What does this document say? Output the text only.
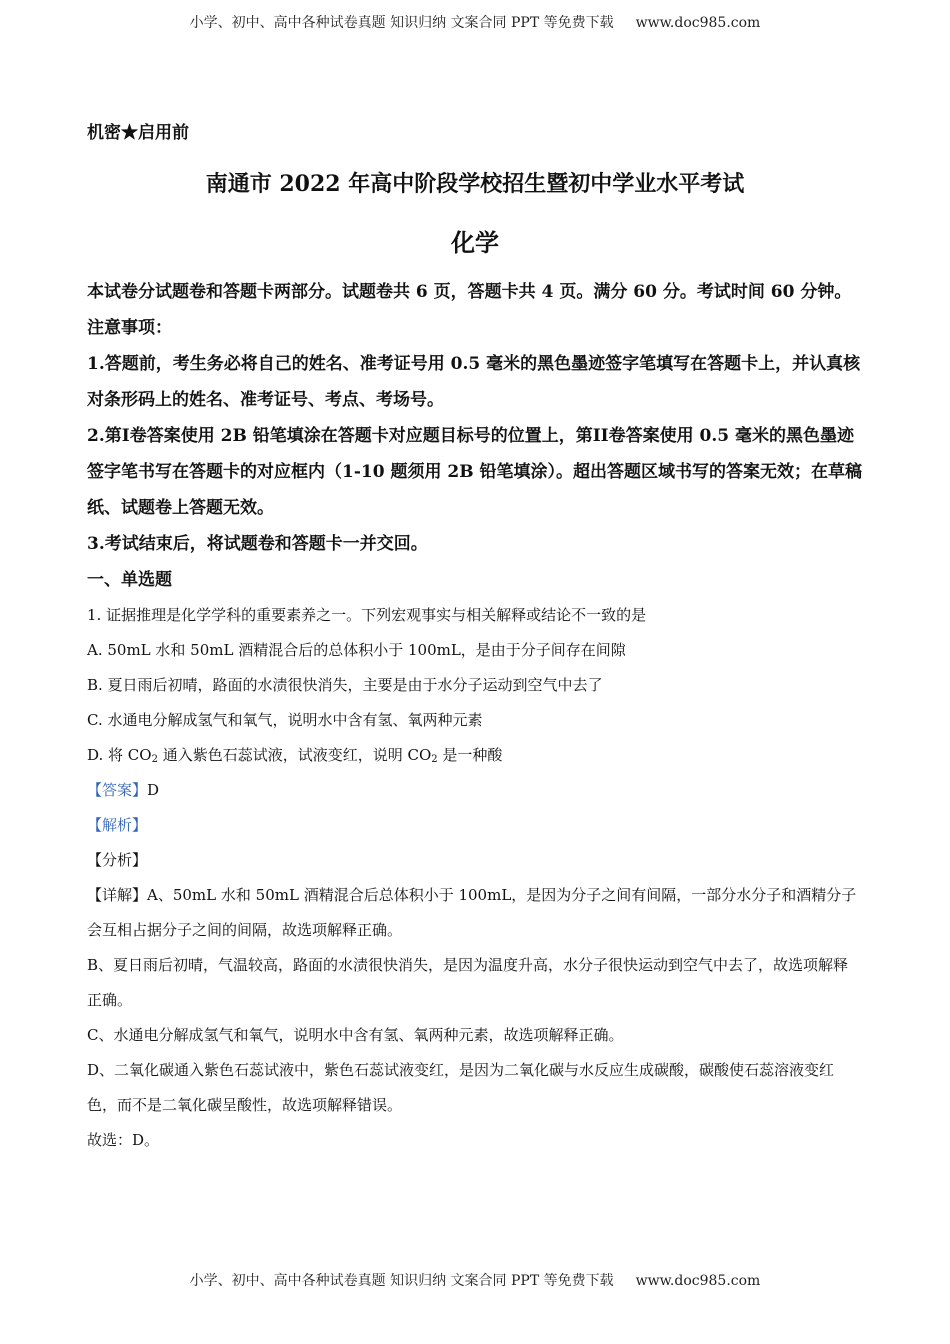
小学、初中、高中各种试卷真题 知识归纳 文案合同 PPT 等免费下载 www.doc985.com

机密★启用前

南通市 2022 年高中阶段学校招生暨初中学业水平考试

化学

本试卷分试题卷和答题卡两部分。试题卷共 6 页，答题卡共 4 页。满分 60 分。考试时间 60 分钟。

注意事项：

1.答题前，考生务必将自己的姓名、准考证号用 0.5 毫米的黑色墨迹签字笔填写在答题卡上，并认真核对条形码上的姓名、准考证号、考点、考场号。

2.第I卷答案使用 2B 铅笔填涂在答题卡对应题目标号的位置上，第II卷答案使用 0.5 毫米的黑色墨迹签字笔书写在答题卡的对应框内（1-10 题须用 2B 铅笔填涂）。超出答题区域书写的答案无效；在草稿纸、试题卷上答题无效。

3.考试结束后，将试题卷和答题卡一并交回。

一、单选题

1. 证据推理是化学学科的重要素养之一。下列宏观事实与相关解释或结论不一致的是

A. 50mL 水和 50mL 酒精混合后的总体积小于 100mL，是由于分子间存在间隙

B. 夏日雨后初晴，路面的水渍很快消失，主要是由于水分子运动到空气中去了

C. 水通电分解成氢气和氧气，说明水中含有氢、氧两种元素

D. 将 $CO_2$ 通入紫色石蕊试液，试液变红，说明 $CO_2$ 是一种酸

【答案】D

【解析】

【分析】

【详解】A、50mL 水和 50mL 酒精混合后总体积小于 100mL，是因为分子之间有间隔，一部分水分子和酒精分子会互相占据分子之间的间隔，故选项解释正确。

B、夏日雨后初晴，气温较高，路面的水渍很快消失，是因为温度升高，水分子很快运动到空气中去了，故选项解释正确。

C、水通电分解成氢气和氧气，说明水中含有氢、氧两种元素，故选项解释正确。

D、二氧化碳通入紫色石蕊试液中，紫色石蕊试液变红，是因为二氧化碳与水反应生成碳酸，碳酸使石蕊溶液变红色，而不是二氧化碳呈酸性，故选项解释错误。

故选：D。

小学、初中、高中各种试卷真题 知识归纳 文案合同 PPT 等免费下载 www.doc985.com
